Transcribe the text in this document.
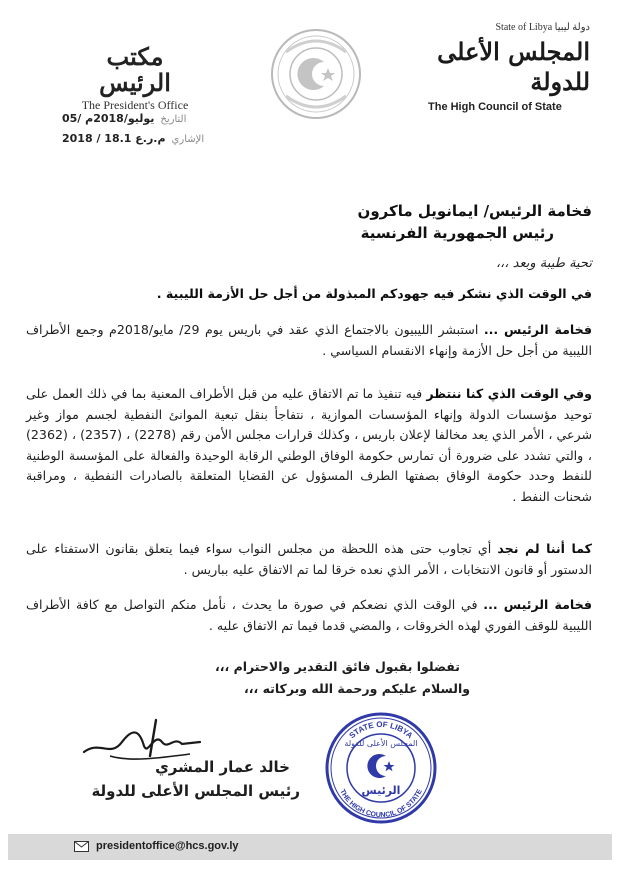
مكتب الرئيس
The President's Office
State of Libya دولة ليبيا
المجلس الأعلى للدولة
The High Council of State
05/ يوليو/2018م التاريخ
2018 / 18.1 م.ر.ع الإشاري
فخامة الرئيس/ ايمانويل ماكرون
رئيس الجمهورية الفرنسية
تحية طيبة وبعد ،،،
في الوقت الذي نشكر فيه جهودكم المبذولة من أجل حل الأزمة الليبية .
فخامة الرئيس ... استبشر الليبيون بالاجتماع الذي عقد في باريس يوم 29/ مايو/2018م وجمع الأطراف الليبية من أجل حل الأزمة وإنهاء الانقسام السياسي .
وفي الوقت الذي كنا ننتظر فيه تنفيذ ما تم الاتفاق عليه من قبل الأطراف المعنية بما في ذلك العمل على توحيد مؤسسات الدولة وإنهاء المؤسسات الموازية ، نتفاجأ بنقل تبعية الموانئ النفطية لجسم مواز وغير شرعي ، الأمر الذي يعد مخالفا لإعلان باريس ، وكذلك قرارات مجلس الأمن رقم (2278) ، (2357) ، (2362) ، والتي تشدد على ضرورة أن تمارس حكومة الوفاق الوطني الرقابة الوحيدة والفعالة على المؤسسة الوطنية للنفط وحدد حكومة الوفاق بصفتها الطرف المسؤول عن القضايا المتعلقة بالصادرات النفطية ، ومراقبة شحنات النفط .
كما أننا لم نجد أي تجاوب حتى هذه اللحظة من مجلس النواب سواء فيما يتعلق بقانون الاستفتاء على الدستور أو قانون الانتخابات ، الأمر الذي نعده خرقا لما تم الاتفاق عليه بباريس .
فخامة الرئيس ... في الوقت الذي نضعكم في صورة ما يحدث ، نأمل منكم التواصل مع كافة الأطراف الليبية للوقف الفوري لهذه الخروقات ، والمضي قدما فيما تم الاتفاق عليه .
تفضلوا بقبول فائق التقدير والاحترام ،،،
والسلام عليكم ورحمة الله وبركاته ،،،
خالد عمار المشري
رئيس المجلس الأعلى للدولة
STATE OF LIBYA
THE HIGH COUNCIL OF STATE
المجلس الأعلى للدولة
الرئيس
presidentoffice@hcs.gov.ly
